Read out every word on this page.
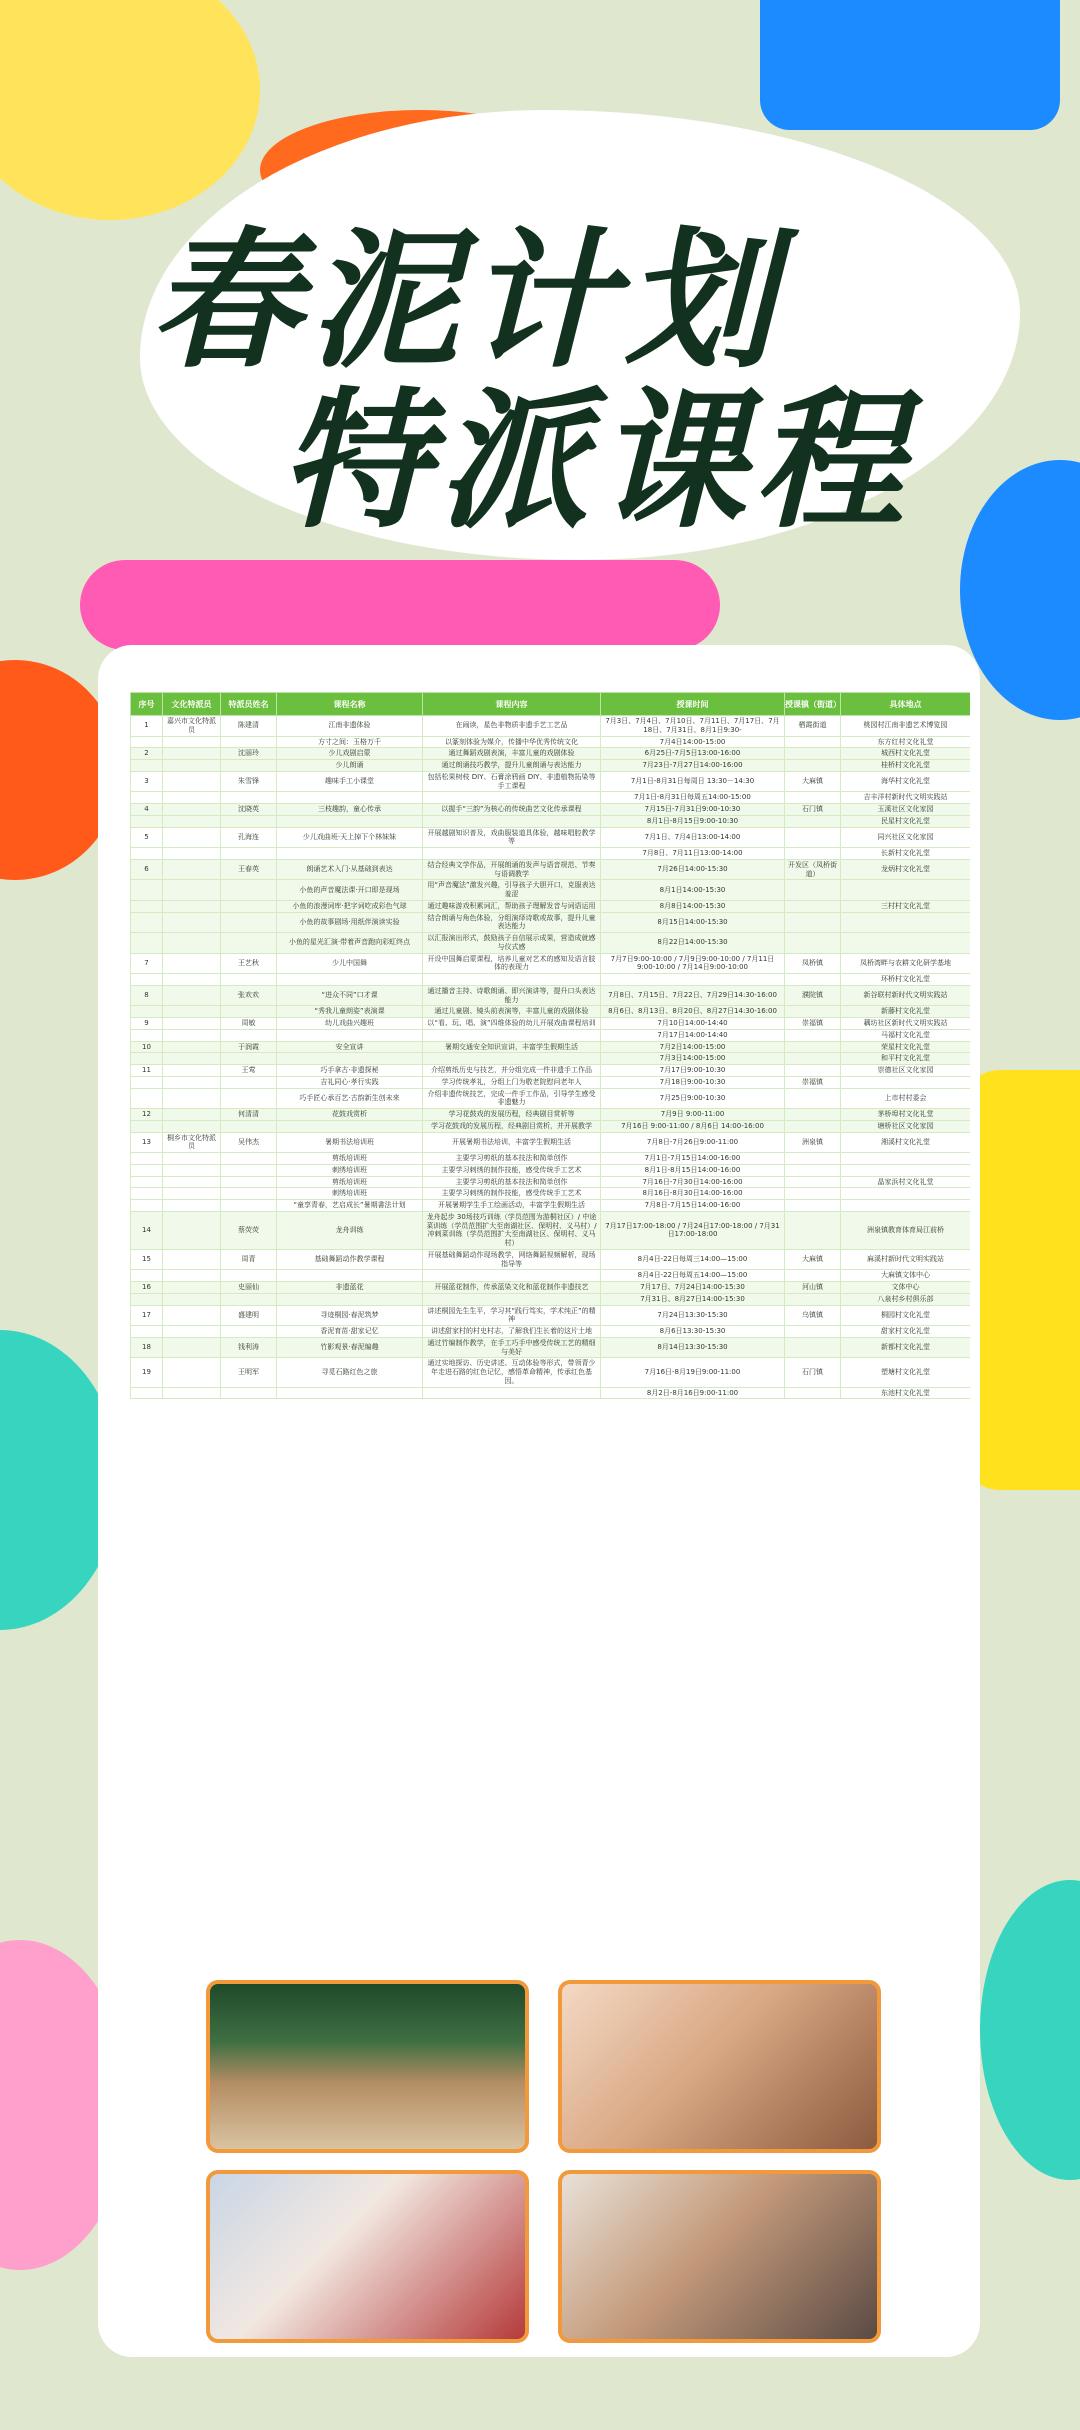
春泥计划
特派课程
序号	文化特派员	特派员姓名	课程名称	课程内容	授课时间	授课镇（街道）	具体地点
1	嘉兴市文化特派员	陈建清	江南非遗体验	在闹读，星色非物质非遗手艺工艺品	7月3日、7月4日、7月10日、7月11日、7月17日、7月18日、7月31日、8月1日9:30-	栖霞街道	桃园村江南非遗艺术博览园
			方寸之间：玉格万千	以篆刻体验为媒介，传播中华优秀传统文化	7月4日14:00-15:00		东方红村文化礼堂
2		沈丽玲	少儿戏剧启蒙	通过舞蹈戏剧表演，丰富儿童的戏剧体验	6月25日-7月5日13:00-16:00		城西村文化礼堂
			少儿朗诵	通过朗诵技巧教学，提升儿童朗诵与表达能力	7月23日-7月27日14:00-16:00		桂桥村文化礼堂
3		朱雪锋	趣味手工小课堂	包括松果树枝 DIY、石膏涂鸦画 DIY、非遗植物拓染等手工课程	7月1日-8月31日每周日 13:30－14:30	大麻镇	海华村文化礼堂
					7月1日-8月31日每周五14:00-15:00		吉丰洋村新时代文明实践站
4		沈晓英	三枝趣韵，童心传承	以握手“三韵”为核心的传统曲艺文化传承课程	7月15日-7月31日9:00-10:30	石门镇	玉溪社区文化家园
					8月1日-8月15日9:00-10:30		民星村文化礼堂
5		孔海连	少儿戏曲班·天上掉下个林妹妹	开展越剧知识普及，戏曲服装道具体验，越味唱腔教学等	7月1日、7月4日13:00-14:00		同兴社区文化家园
					7月8日、7月11日13:00-14:00		长新村文化礼堂
6		王春英	朗诵艺术入门·从基础到表达	结合经典文学作品，开展朗诵的发声与语音规范、节奏与语调教学	7月26日14:00-15:30	开发区（凤桥街道）	龙炳村文化礼堂
			小鱼的声音魔法课·开口即是现场	用“声音魔法”激发兴趣，引导孩子大胆开口，克服表达羞涩	8月1日14:00-15:30		
			小鱼的浪漫词库·把字词吃成彩色气球	通过趣味游戏积累词汇，帮助孩子理解发音与词语运用	8月8日14:00-15:30		三村村文化礼堂
			小鱼的故事剧场·用纸伴演读实验	结合朗诵与角色体验，分组演绎诗歌或故事，提升儿童表达能力	8月15日14:00-15:30		
			小鱼的星光汇演·带着声音跑向彩虹终点	以汇报演出形式，鼓励孩子自信展示成果，营造成就感与仪式感	8月22日14:00-15:30		
7		王艺秋	少儿中国舞	开设中国舞启蒙课程，培养儿童对艺术的感知及语言肢体的表现力	7月7日9:00-10:00 / 7月9日9:00-10:00 / 7月11日9:00-10:00 / 7月14日9:00-10:00	凤桥镇	凤桥湾畔与农耕文化研学基地
							环桥村文化礼堂
8		张欢欢	“进众不同”口才课	通过播音主持、诗歌朗诵、即兴演讲等，提升口头表达能力	7月8日、7月15日、7月22日、7月29日14:30-16:00	濮院镇	新谷联村新时代文明实践站
			“秀我儿童朗姿”表演课	通过儿童剧、镜头前表演等，丰富儿童的戏剧体验	8月6日、8月13日、8月20日、8月27日14:30-16:00		新藤村文化礼堂
9		周敏	幼儿戏曲兴趣班	以“看、玩、唱、演”四维体验的幼儿开展戏曲课程培训	7月10日14:00-14:40	崇福镇	藕坊社区新时代文明实践站
					7月17日14:00-14:40		马福村文化礼堂
10		于润霞	安全宣讲	暑期交通安全知识宣讲，丰富学生假期生活	7月2日14:00-15:00		荣星村文化礼堂
					7月3日14:00-15:00		和平村文化礼堂
11		王莺	巧手拿古·非遗探秘	介绍剪纸历史与技艺，并分组完成一件非遗手工作品	7月17日9:00-10:30		崇德社区文化家园
			吉礼同心·孝行实践	学习传统孝礼，分组上门为敬老院慰问老年人	7月18日9:00-10:30	崇福镇	
			巧手匠心承百艺·古韵新生创未来	介绍非遗传统技艺，完成一件手工作品，引导学生感受非遗魅力	7月25日9:00-10:30		上市村村委会
12		何清清	花鼓戏赏析	学习花鼓戏的发展历程，经典剧目赏析等	7月9日 9:00-11:00		茅桥埠村文化礼堂
				学习花鼓戏的发展历程，经典剧目赏析，并开展教学	7月16日 9:00-11:00 / 8月6日 14:00-16:00		塘桥社区文化家园
13	桐乡市文化特派员	吴伟杰	暑期书法培训班	开展暑期书法培训，丰富学生假期生活	7月8日-7月26日9:00-11:00	洲泉镇	湘溪村文化礼堂
			剪纸培训班	主要学习剪纸的基本技法和简单创作	7月1日-7月15日14:00-16:00		
			刺绣培训班	主要学习刺绣的制作技能，感受传统手工艺术	8月1日-8月15日14:00-16:00		
			剪纸培训班	主要学习剪纸的基本技法和简单创作	7月16日-7月30日14:00-16:00		晶家浜村文化礼堂
			刺绣培训班	主要学习刺绣的制作技能，感受传统手工艺术	8月16日-8月30日14:00-16:00		
			“童享青春，艺启成长”暑期書法计划	开展暑期学生手工绘画活动，丰富学生假期生活	7月8日-7月15日14:00-16:00		
14		蔡荧荧	龙舟训练	龙舟起步 30场技巧训练（学员范围为游桐社区）/ 中途菜训练（学员范围扩大至南湖社区、保明村、义马村）/ 冲刺菜训练（学员范围扩大至南湖社区、保明村、义马村）	7月17日17:00-18:00 / 7月24日17:00-18:00 / 7月31日17:00-18:00		洲泉镇教育体育局江前桥
15		周青	基础舞蹈动作教学课程	开展基础舞蹈动作现场教学，网络舞蹈视频解析，现场指导等	8月4日-22日每周三14:00—15:00	大麻镇	麻溪村新时代文明实践站
					8月4日-22日每周五14:00—15:00		大麻镇文体中心
16		史丽仙	非遗蓝花	开展蓝花制作，传承蓝染文化和蓝花制作非遗技艺	7月17日、7月24日14:00-15:30	河山镇	文体中心
					7月31日、8月27日14:00-15:30		八泉村乡村俱乐部
17		盛建明	寻迹桐园·春泥筑梦	讲述桐园先生生平，学习其“践行笃实，学术纯正”的精神	7月24日13:30-15:30	乌镇镇	桐园村文化礼堂
			香泥育苗·甜家记忆	讲述甜家村的村史村志，了解我们生长着的这片土地	8月6日13:30-15:30		甜家村文化礼堂
18		钱利涛	竹影观景·春泥编趣	通过竹编制作教学，在手工巧手中感受传统工艺的精细与美好	8月14日13:30-15:30		新都村文化礼堂
19		王明军	寻觅石路红色之旅	通过实地探访、历史讲述、互动体验等形式，带领青少年走进石路的红色记忆，感悟革命精神，传承红色基因。	7月16日-8月19日9:00-11:00	石门镇	塑塘村文化礼堂
					8月2日-8月16日9:00-11:00		东池村文化礼堂
